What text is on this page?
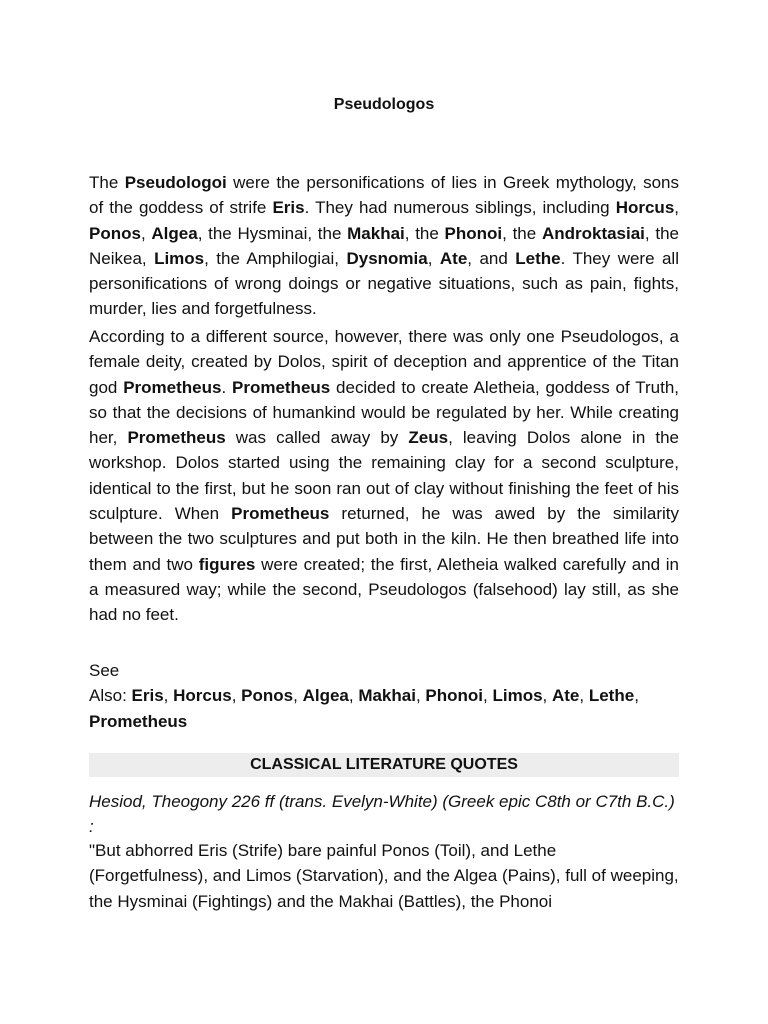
Pseudologos
The Pseudologoi were the personifications of lies in Greek mythology, sons of the goddess of strife Eris. They had numerous siblings, including Horcus, Ponos, Algea, the Hysminai, the Makhai, the Phonoi, the Androktasiai, the Neikea, Limos, the Amphilogiai, Dysnomia, Ate, and Lethe. They were all personifications of wrong doings or negative situations, such as pain, fights, murder, lies and forgetfulness.
According to a different source, however, there was only one Pseudologos, a female deity, created by Dolos, spirit of deception and apprentice of the Titan god Prometheus. Prometheus decided to create Aletheia, goddess of Truth, so that the decisions of humankind would be regulated by her. While creating her, Prometheus was called away by Zeus, leaving Dolos alone in the workshop. Dolos started using the remaining clay for a second sculpture, identical to the first, but he soon ran out of clay without finishing the feet of his sculpture. When Prometheus returned, he was awed by the similarity between the two sculptures and put both in the kiln. He then breathed life into them and two figures were created; the first, Aletheia walked carefully and in a measured way; while the second, Pseudologos (falsehood) lay still, as she had no feet.
See
Also: Eris, Horcus, Ponos, Algea, Makhai, Phonoi, Limos, Ate, Lethe, Prometheus
CLASSICAL LITERATURE QUOTES
Hesiod, Theogony 226 ff (trans. Evelyn-White) (Greek epic C8th or C7th B.C.) :
"But abhorred Eris (Strife) bare painful Ponos (Toil), and Lethe (Forgetfulness), and Limos (Starvation), and the Algea (Pains), full of weeping, the Hysminai (Fightings) and the Makhai (Battles), the Phonoi
